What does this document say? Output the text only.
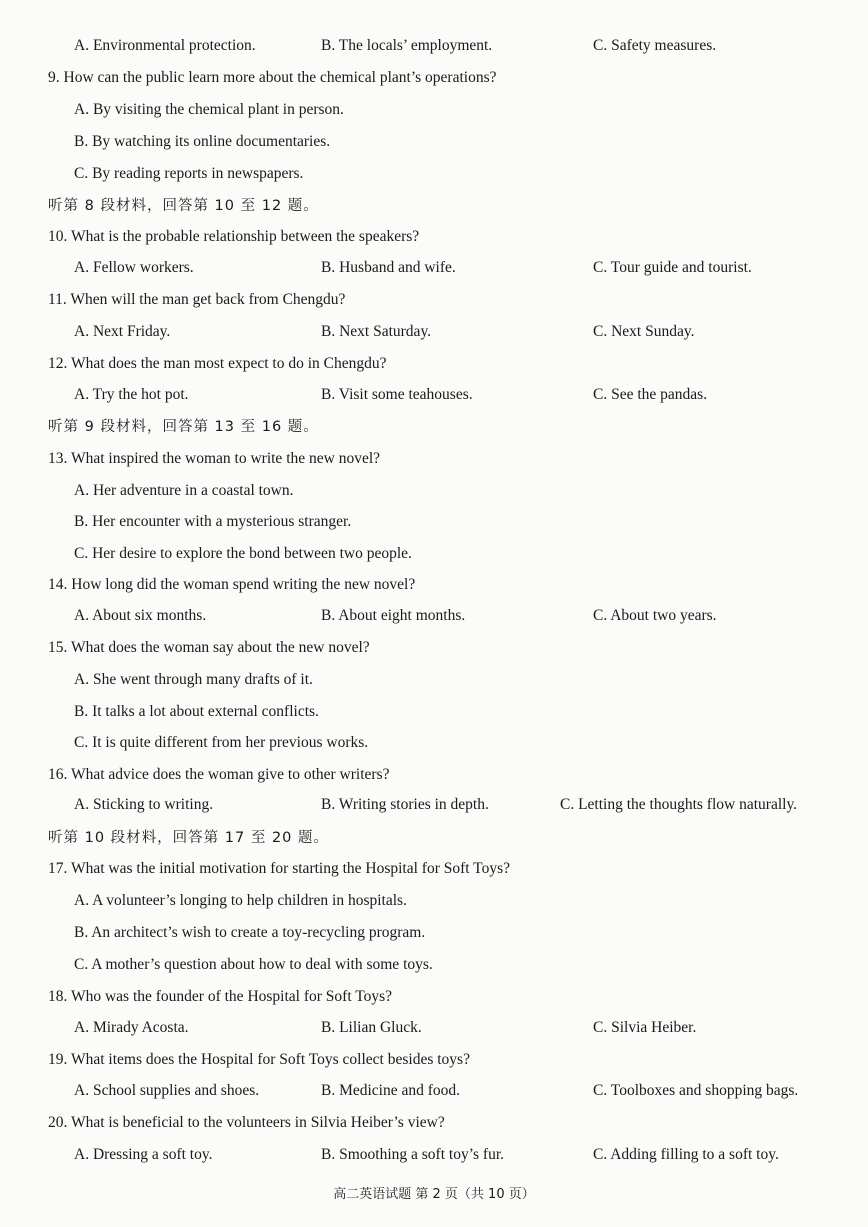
A. Environmental protection.	B. The locals’ employment.	C. Safety measures.
9. How can the public learn more about the chemical plant’s operations?
A. By visiting the chemical plant in person.
B. By watching its online documentaries.
C. By reading reports in newspapers.
听第 8 段材料，回答第 10 至 12 题。
10. What is the probable relationship between the speakers?
A. Fellow workers.	B. Husband and wife.	C. Tour guide and tourist.
11. When will the man get back from Chengdu?
A. Next Friday.	B. Next Saturday.	C. Next Sunday.
12. What does the man most expect to do in Chengdu?
A. Try the hot pot.	B. Visit some teahouses.	C. See the pandas.
听第 9 段材料，回答第 13 至 16 题。
13. What inspired the woman to write the new novel?
A. Her adventure in a coastal town.
B. Her encounter with a mysterious stranger.
C. Her desire to explore the bond between two people.
14. How long did the woman spend writing the new novel?
A. About six months.	B. About eight months.	C. About two years.
15. What does the woman say about the new novel?
A. She went through many drafts of it.
B. It talks a lot about external conflicts.
C. It is quite different from her previous works.
16. What advice does the woman give to other writers?
A. Sticking to writing.	B. Writing stories in depth.	C. Letting the thoughts flow naturally.
听第 10 段材料，回答第 17 至 20 题。
17. What was the initial motivation for starting the Hospital for Soft Toys?
A. A volunteer’s longing to help children in hospitals.
B. An architect’s wish to create a toy-recycling program.
C. A mother’s question about how to deal with some toys.
18. Who was the founder of the Hospital for Soft Toys?
A. Mirady Acosta.	B. Lilian Gluck.	C. Silvia Heiber.
19. What items does the Hospital for Soft Toys collect besides toys?
A. School supplies and shoes.	B. Medicine and food.	C. Toolboxes and shopping bags.
20. What is beneficial to the volunteers in Silvia Heiber’s view?
A. Dressing a soft toy.	B. Smoothing a soft toy’s fur.	C. Adding filling to a soft toy.
高二英语试题 第 2 页（共 10 页）
